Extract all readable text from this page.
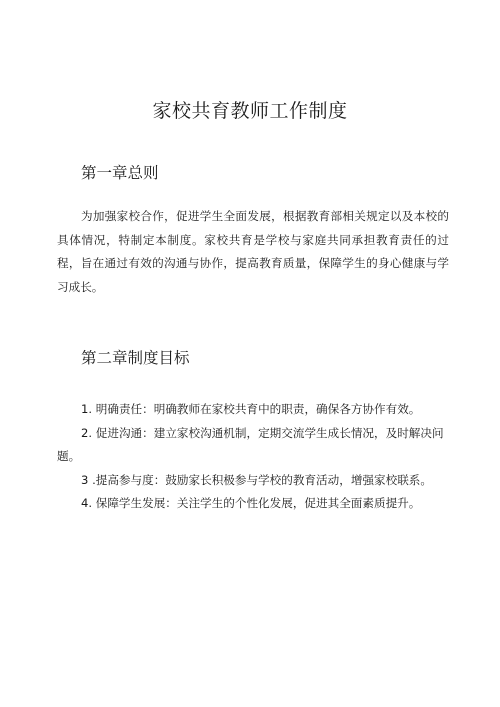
家校共育教师工作制度
第一章总则

为加强家校合作，促进学生全面发展，根据教育部相关规定以及本校的具体情况，特制定本制度。家校共育是学校与家庭共同承担教育责任的过程，旨在通过有效的沟通与协作，提高教育质量，保障学生的身心健康与学习成长。

第二章制度目标
1. 明确责任：明确教师在家校共育中的职责，确保各方协作有效。
2. 促进沟通：建立家校沟通机制，定期交流学生成长情况，及时解决问题。
3 .提高参与度：鼓励家长积极参与学校的教育活动，增强家校联系。
4. 保障学生发展：关注学生的个性化发展，促进其全面素质提升。
